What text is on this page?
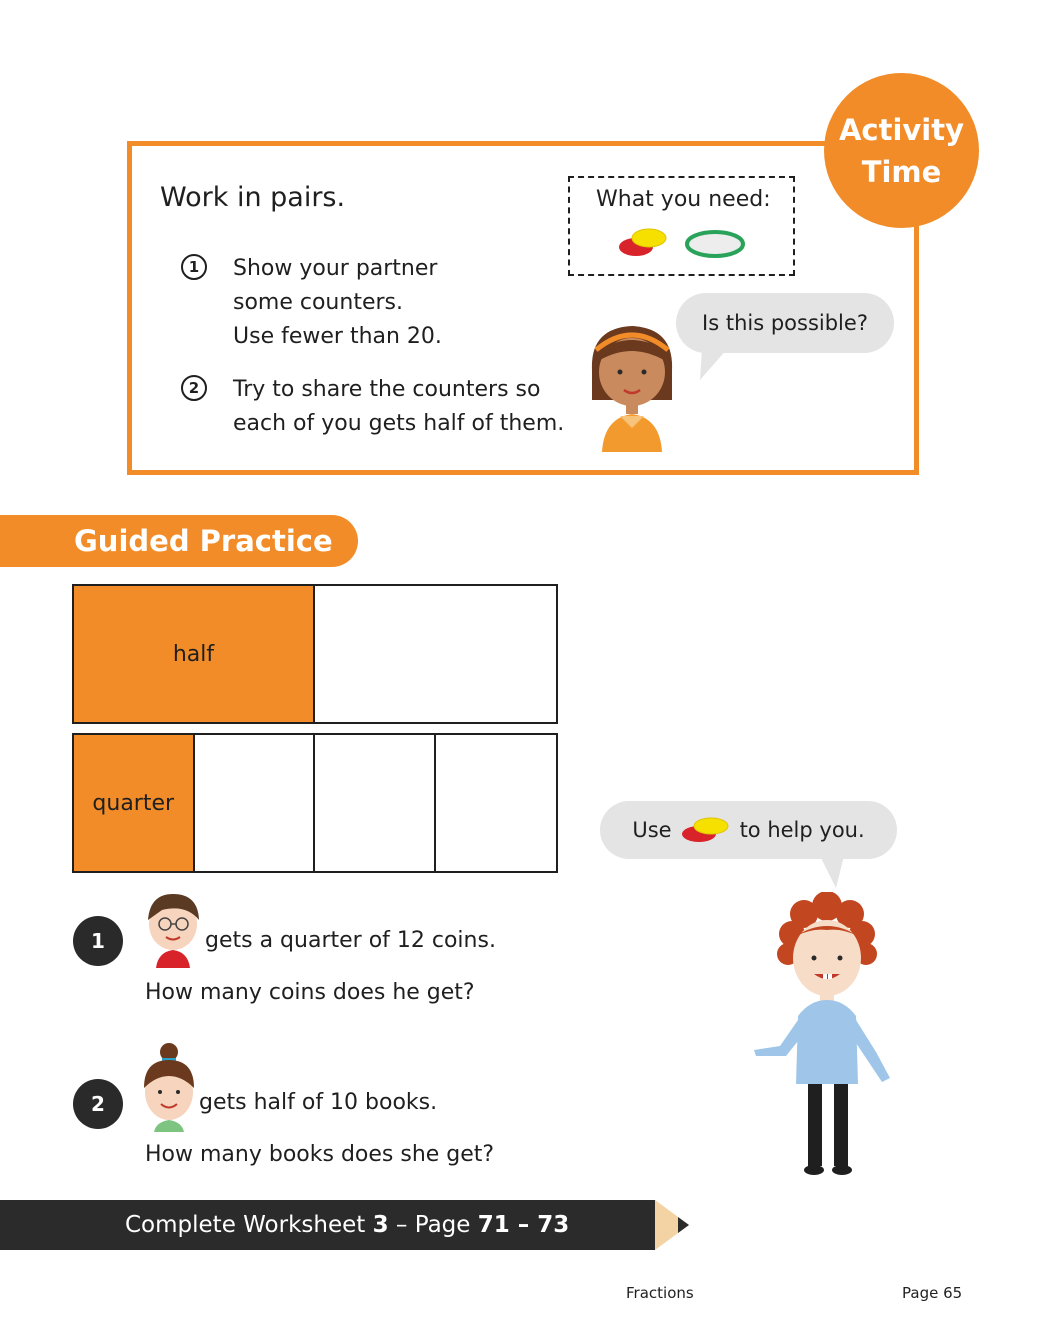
Work in pairs.
1	Show your partner
some counters.
Use fewer than 20.
2	Try to share the counters so
each of you gets half of them.
What you need:
Activity
Time
Is this possible?
Guided Practice
half
quarter
1	gets a quarter of 12 coins.
How many coins does he get?
2	gets half of 10 books.
How many books does she get?
Use	to help you.
Complete Worksheet 3 – Page 71 – 73
Fractions	Page 65
